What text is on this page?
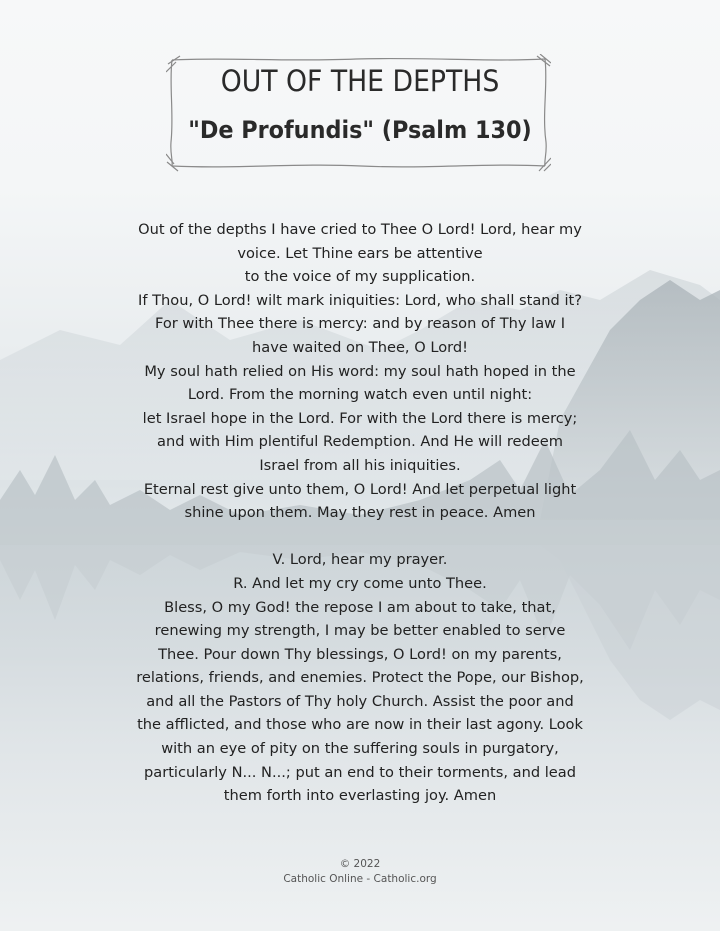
OUT OF THE DEPTHS
"De Profundis" (Psalm 130)
Out of the depths I have cried to Thee O Lord! Lord, hear my
voice. Let Thine ears be attentive
to the voice of my supplication.
If Thou, O Lord! wilt mark iniquities: Lord, who shall stand it?
For with Thee there is mercy: and by reason of Thy law I
have waited on Thee, O Lord!
My soul hath relied on His word: my soul hath hoped in the
Lord. From the morning watch even until night:
let Israel hope in the Lord. For with the Lord there is mercy;
and with Him plentiful Redemption. And He will redeem
Israel from all his iniquities.
Eternal rest give unto them, O Lord! And let perpetual light
shine upon them. May they rest in peace. Amen
V. Lord, hear my prayer.
R. And let my cry come unto Thee.
Bless, O my God! the repose I am about to take, that,
renewing my strength, I may be better enabled to serve
Thee. Pour down Thy blessings, O Lord! on my parents,
relations, friends, and enemies. Protect the Pope, our Bishop,
and all the Pastors of Thy holy Church. Assist the poor and
the afflicted, and those who are now in their last agony. Look
with an eye of pity on the suffering souls in purgatory,
particularly N... N...; put an end to their torments, and lead
them forth into everlasting joy. Amen
© 2022
Catholic Online - Catholic.org
